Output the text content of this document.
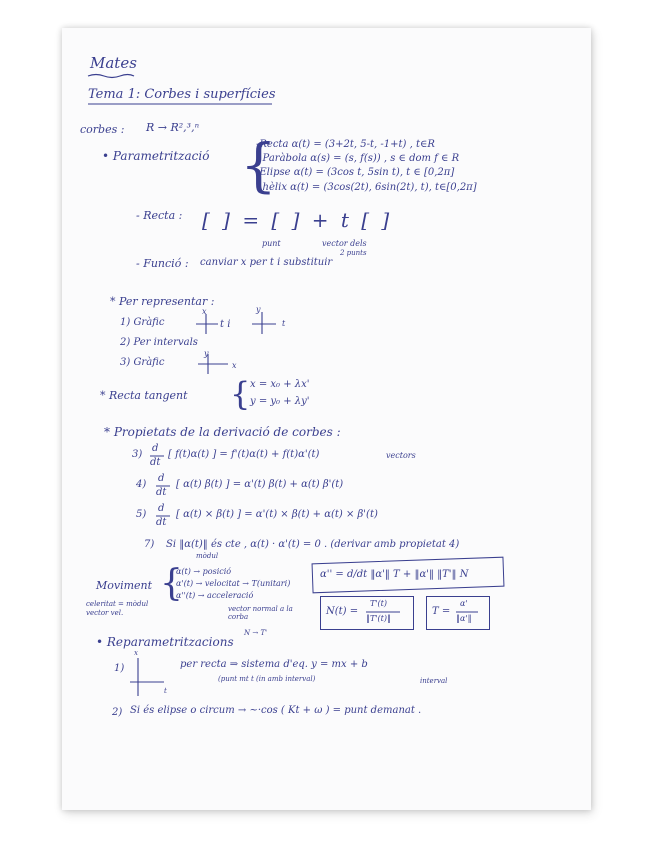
Mates
Tema 1: Corbes i superfícies
corbes : R → R²,³,ⁿ
• Parametrització {
-Recta α(t) = (3+2t, 5-t, -1+t) , t∈R
- Paràbola α(s) = (s, f(s)) , s ∈ dom f ∈ R
-Elipse α(t) = (3cos t, 5sin t), t ∈ [0,2π]
- hèlix α(t) = (3cos(2t), 6sin(2t), t), t∈[0,2π]
- Recta : [ ] = [ ] + t [ ]
punt	vector dels
2 punts
- Funció : canviar x per t i substituir
* Per representar :
1) Gràfic
x
t i
y
t
2) Per intervals
3) Gràfic
y
x
* Recta tangent { x = x₀ + λx'
y = y₀ + λy'
* Propietats de la derivació de corbes :
3)
d
dt
[ f(t)α(t) ] = f'(t)α(t) + f(t)α'(t)	vectors
4)
d
dt
[ α(t) β(t) ] = α'(t) β(t) + α(t) β'(t)
5)
d
dt
[ α(t) × β(t) ] = α'(t) × β(t) + α(t) × β'(t)
7) Si ‖α(t)‖ és cte , α(t) · α'(t) = 0 . (derivar amb propietat 4)
mòdul
Moviment {
α(t) → posició
α'(t) → velocitat → T(unitari)
α''(t) → acceleració
celeritat = mòdul vector vel.
vector normal a la corba
N → T'
α'' = d/dt ‖α'‖ T + ‖α'‖ ‖T'‖ N
N(t) =
T'(t)
‖T'(t)‖
T =
α'
‖α'‖
• Reparametritzacions
1)
x
t
per recta ⇒ sistema d'eq. y = mx + b
(punt mt t (in amb interval)
2) Si és elipse o circum → ~·cos ( Kt + ω ) = punt demanat .
interval
